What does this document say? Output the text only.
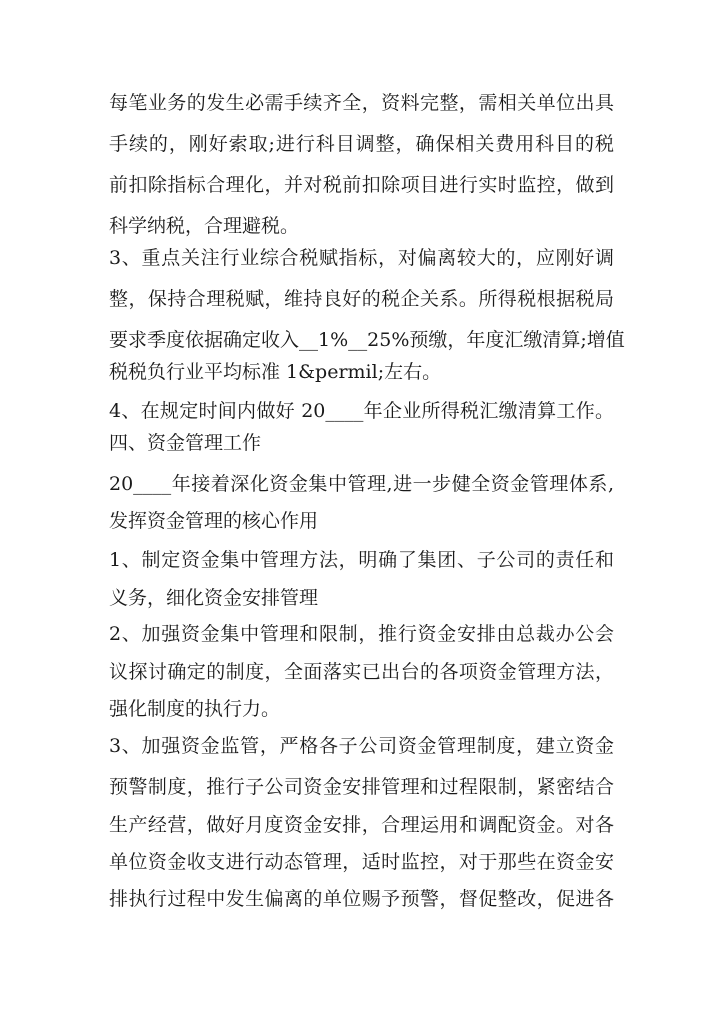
每笔业务的发生必需手续齐全，资料完整，需相关单位出具

手续的，刚好索取;进行科目调整，确保相关费用科目的税

前扣除指标合理化，并对税前扣除项目进行实时监控，做到

科学纳税，合理避税。

3、重点关注行业综合税赋指标，对偏离较大的，应刚好调

整，保持合理税赋，维持良好的税企关系。所得税根据税局

要求季度依据确定收入__1%__25%预缴，年度汇缴清算;增值

税税负行业平均标准 1&permil;左右。

4、在规定时间内做好 20____年企业所得税汇缴清算工作。

四、资金管理工作

20____年接着深化资金集中管理,进一步健全资金管理体系,

发挥资金管理的核心作用

1、制定资金集中管理方法，明确了集团、子公司的责任和

义务，细化资金安排管理

2、加强资金集中管理和限制，推行资金安排由总裁办公会

议探讨确定的制度，全面落实已出台的各项资金管理方法，

强化制度的执行力。

3、加强资金监管，严格各子公司资金管理制度，建立资金

预警制度，推行子公司资金安排管理和过程限制，紧密结合

生产经营，做好月度资金安排，合理运用和调配资金。对各

单位资金收支进行动态管理，适时监控，对于那些在资金安

排执行过程中发生偏离的单位赐予预警，督促整改，促进各
